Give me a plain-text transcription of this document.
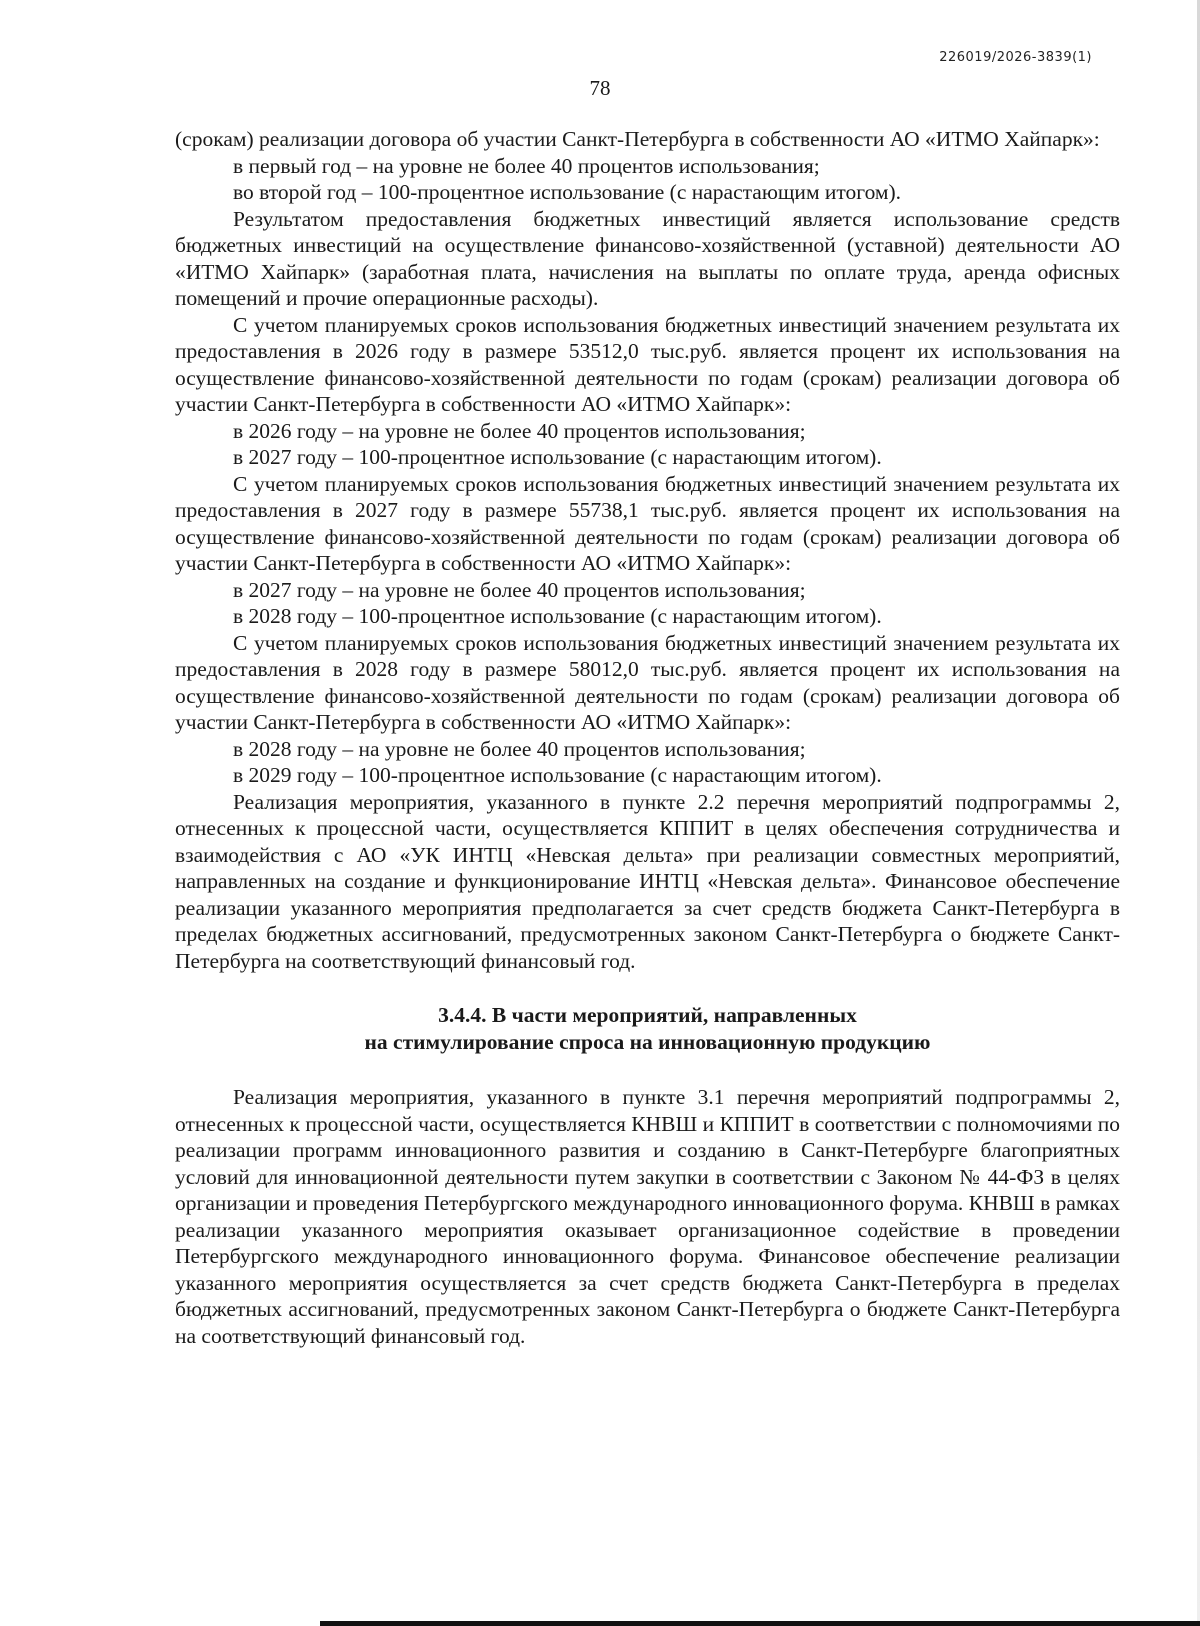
226019/2026-3839(1)
78

(срокам) реализации договора об участии Санкт-Петербурга в собственности АО «ИТМО Хайпарк»:

в первый год – на уровне не более 40 процентов использования;

во второй год – 100-процентное использование (с нарастающим итогом).

Результатом предоставления бюджетных инвестиций является использование средств бюджетных инвестиций на осуществление финансово-хозяйственной (уставной) деятельности АО «ИТМО Хайпарк» (заработная плата, начисления на выплаты по оплате труда, аренда офисных помещений и прочие операционные расходы).

С учетом планируемых сроков использования бюджетных инвестиций значением результата их предоставления в 2026 году в размере 53512,0 тыс.руб. является процент их использования на осуществление финансово-хозяйственной деятельности по годам (срокам) реализации договора об участии Санкт-Петербурга в собственности АО «ИТМО Хайпарк»:

в 2026 году – на уровне не более 40 процентов использования;

в 2027 году – 100-процентное использование (с нарастающим итогом).

С учетом планируемых сроков использования бюджетных инвестиций значением результата их предоставления в 2027 году в размере 55738,1 тыс.руб. является процент их использования на осуществление финансово-хозяйственной деятельности по годам (срокам) реализации договора об участии Санкт-Петербурга в собственности АО «ИТМО Хайпарк»:

в 2027 году – на уровне не более 40 процентов использования;

в 2028 году – 100-процентное использование (с нарастающим итогом).

С учетом планируемых сроков использования бюджетных инвестиций значением результата их предоставления в 2028 году в размере 58012,0 тыс.руб. является процент их использования на осуществление финансово-хозяйственной деятельности по годам (срокам) реализации договора об участии Санкт-Петербурга в собственности АО «ИТМО Хайпарк»:

в 2028 году – на уровне не более 40 процентов использования;

в 2029 году – 100-процентное использование (с нарастающим итогом).

Реализация мероприятия, указанного в пункте 2.2 перечня мероприятий подпрограммы 2, отнесенных к процессной части, осуществляется КППИТ в целях обеспечения сотрудничества и взаимодействия с АО «УК ИНТЦ «Невская дельта» при реализации совместных мероприятий, направленных на создание и функционирование ИНТЦ «Невская дельта». Финансовое обеспечение реализации указанного мероприятия предполагается за счет средств бюджета Санкт-Петербурга в пределах бюджетных ассигнований, предусмотренных законом Санкт-Петербурга о бюджете Санкт-Петербурга на соответствующий финансовый год.

3.4.4. В части мероприятий, направленных
на стимулирование спроса на инновационную продукцию

Реализация мероприятия, указанного в пункте 3.1 перечня мероприятий подпрограммы 2, отнесенных к процессной части, осуществляется КНВШ и КППИТ в соответствии с полномочиями по реализации программ инновационного развития и созданию в Санкт-Петербурге благоприятных условий для инновационной деятельности путем закупки в соответствии с Законом № 44-ФЗ в целях организации и проведения Петербургского международного инновационного форума. КНВШ в рамках реализации указанного мероприятия оказывает организационное содействие в проведении Петербургского международного инновационного форума. Финансовое обеспечение реализации указанного мероприятия осуществляется за счет средств бюджета Санкт-Петербурга в пределах бюджетных ассигнований, предусмотренных законом Санкт-Петербурга о бюджете Санкт-Петербурга на соответствующий финансовый год.
